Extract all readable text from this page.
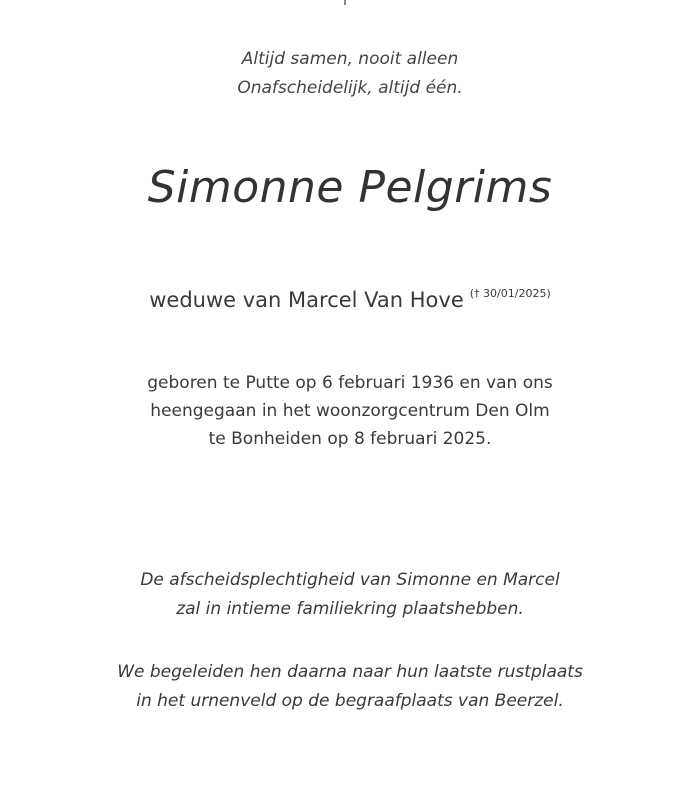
Altijd samen, nooit alleen
Onafscheidelijk, altijd één.
Simonne Pelgrims
weduwe van Marcel Van Hove $^{(\dagger 30/01/2025)}$
geboren te Putte op 6 februari 1936 en van ons
heengegaan in het woonzorgcentrum Den Olm
te Bonheiden op 8 februari 2025.
De afscheidsplechtigheid van Simonne en Marcel
zal in intieme familiekring plaatshebben.
We begeleiden hen daarna naar hun laatste rustplaats
in het urnenveld op de begraafplaats van Beerzel.
